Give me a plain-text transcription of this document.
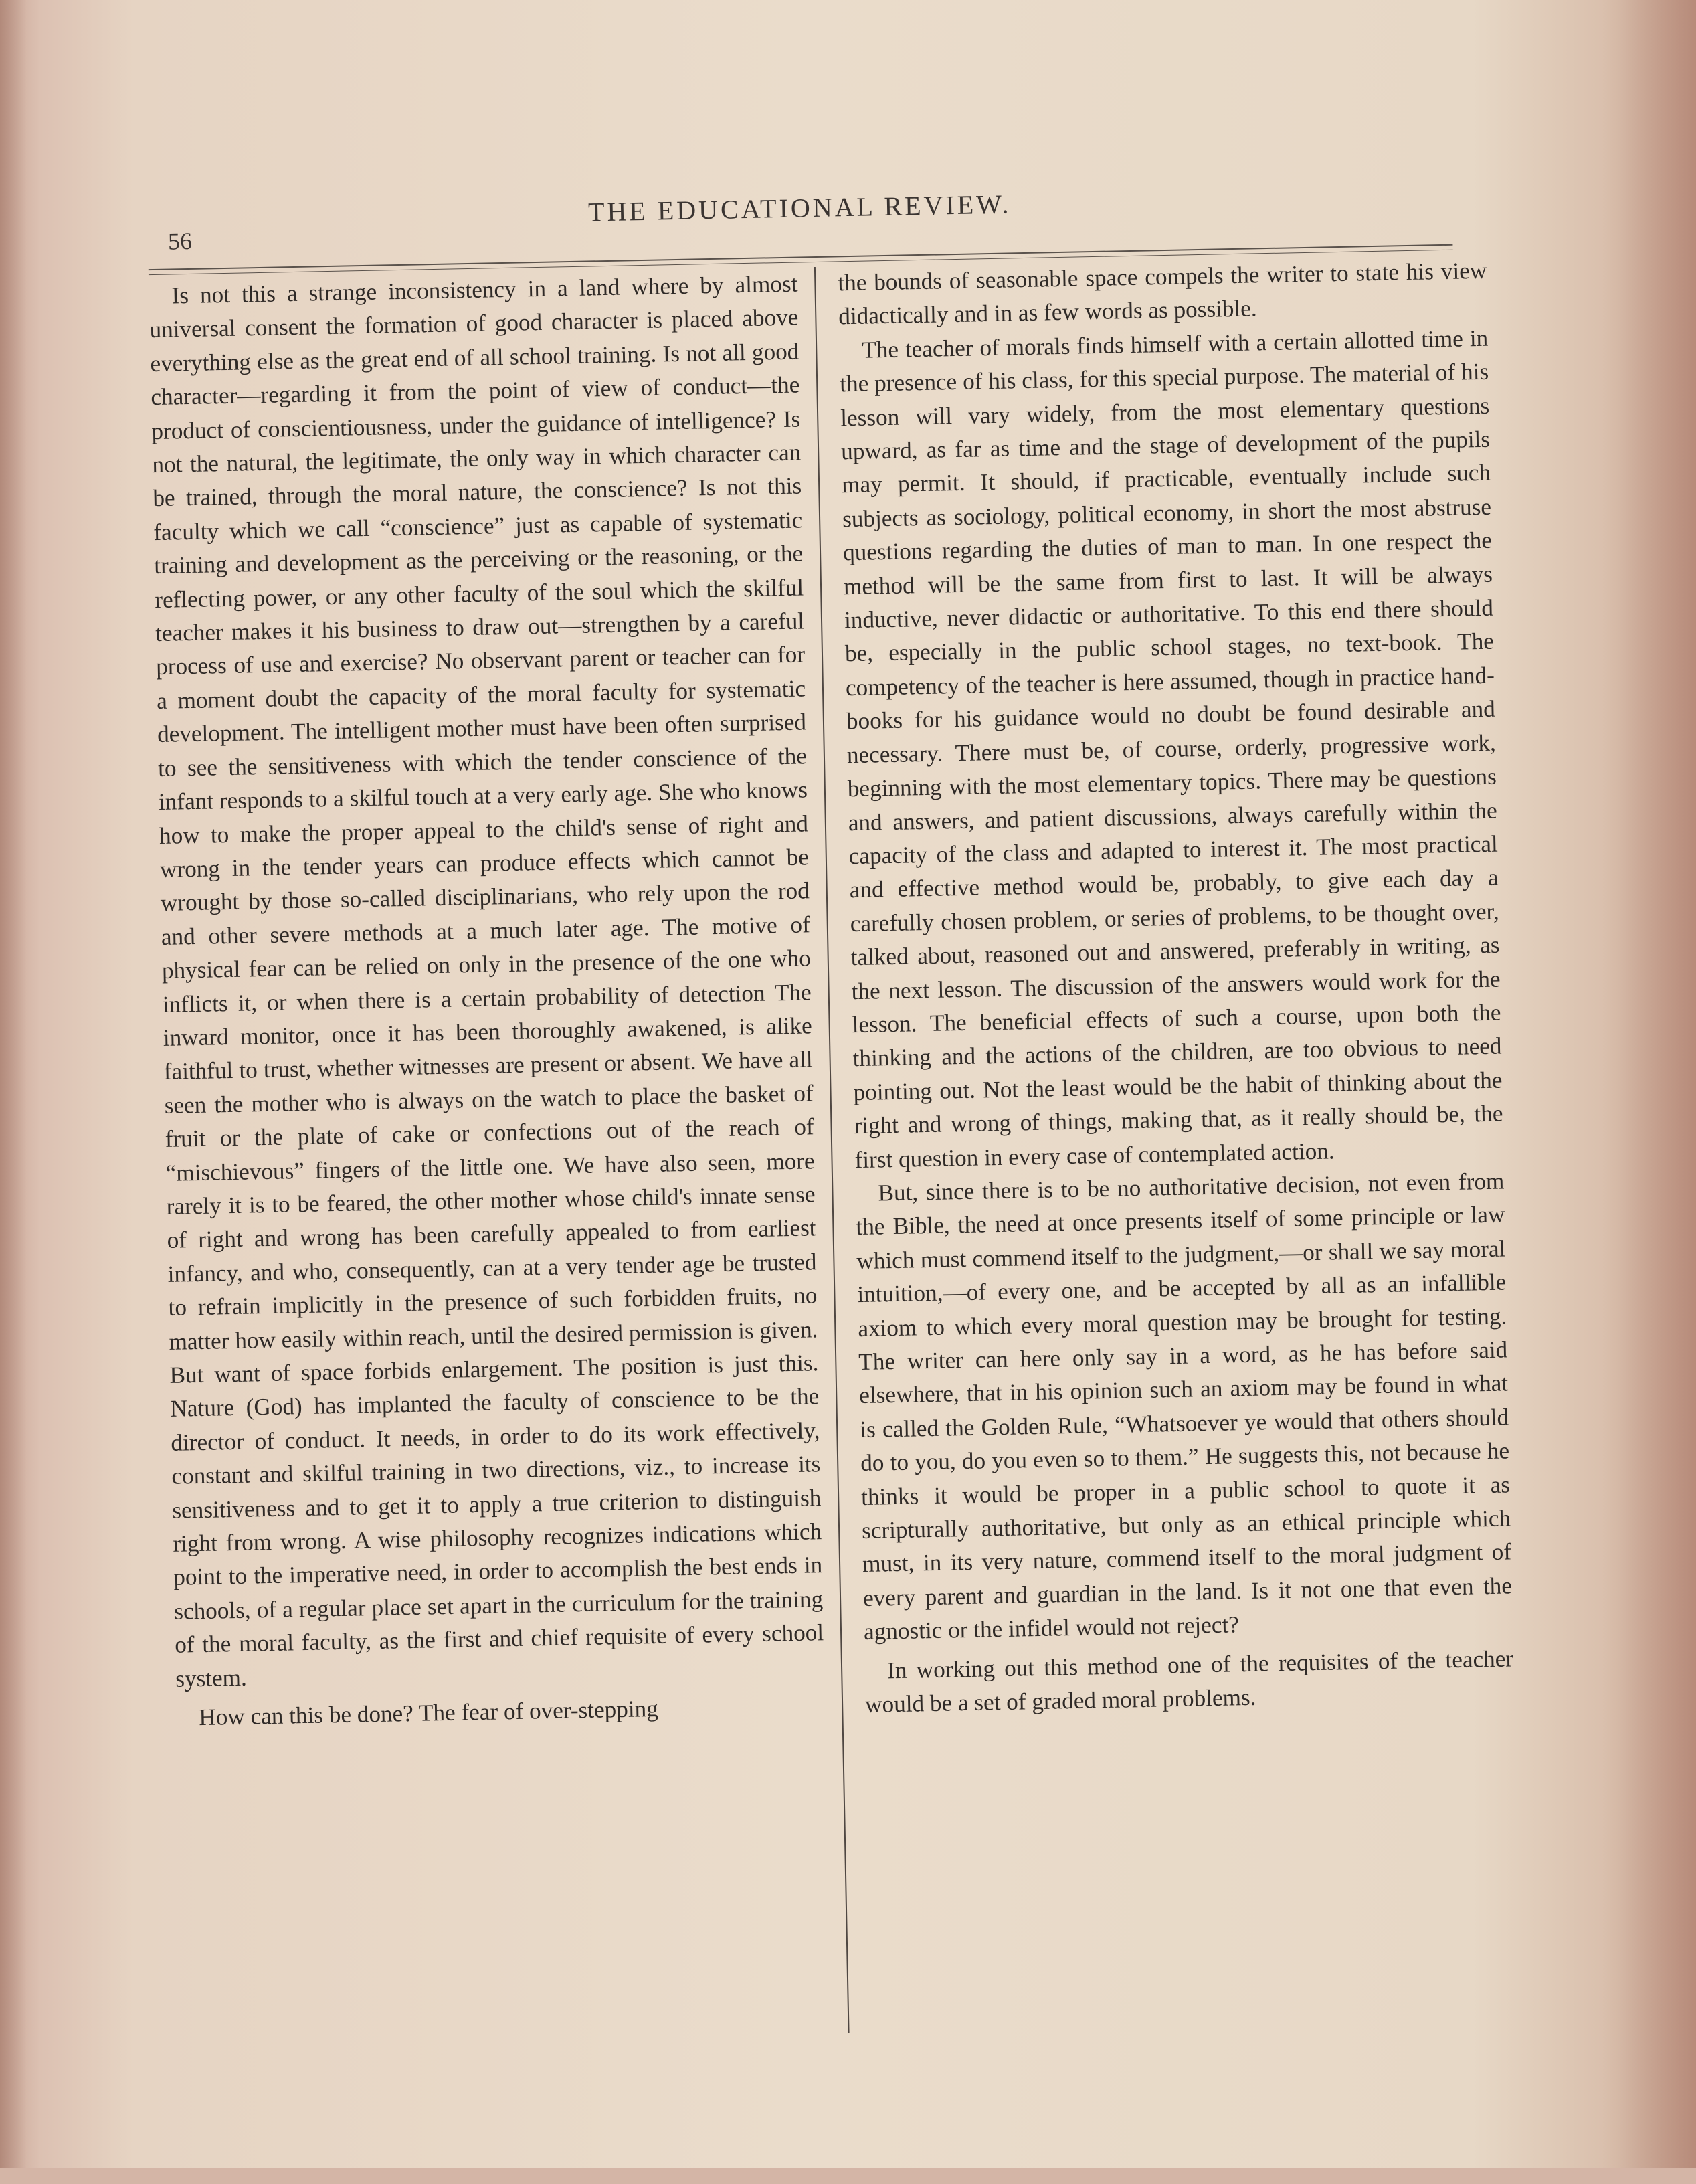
56
THE EDUCATIONAL REVIEW.

Is not this a strange inconsistency in a land where by almost universal consent the formation of good character is placed above everything else as the great end of all school training. Is not all good character—regarding it from the point of view of conduct—the product of conscientiousness, under the guidance of intelligence? Is not the natural, the legitimate, the only way in which character can be trained, through the moral nature, the conscience? Is not this faculty which we call “conscience” just as capable of systematic training and development as the perceiving or the reasoning, or the reflecting power, or any other faculty of the soul which the skilful teacher makes it his business to draw out—strengthen by a careful process of use and exercise? No observant parent or teacher can for a moment doubt the capacity of the moral faculty for systematic development. The intelligent mother must have been often surprised to see the sensitiveness with which the tender conscience of the infant responds to a skilful touch at a very early age. She who knows how to make the proper appeal to the child's sense of right and wrong in the tender years can produce effects which cannot be wrought by those so-called disciplinarians, who rely upon the rod and other severe methods at a much later age. The motive of physical fear can be relied on only in the presence of the one who inflicts it, or when there is a certain probability of detection The inward monitor, once it has been thoroughly awakened, is alike faithful to trust, whether witnesses are present or absent. We have all seen the mother who is always on the watch to place the basket of fruit or the plate of cake or confections out of the reach of “mischievous” fingers of the little one. We have also seen, more rarely it is to be feared, the other mother whose child's innate sense of right and wrong has been carefully appealed to from earliest infancy, and who, consequently, can at a very tender age be trusted to refrain implicitly in the presence of such forbidden fruits, no matter how easily within reach, until the desired permission is given. But want of space forbids enlargement. The position is just this. Nature (God) has implanted the faculty of conscience to be the director of conduct. It needs, in order to do its work effectively, constant and skilful training in two directions, viz., to increase its sensitiveness and to get it to apply a true criterion to distinguish right from wrong. A wise philosophy recognizes indications which point to the imperative need, in order to accomplish the best ends in schools, of a regular place set apart in the curriculum for the training of the moral faculty, as the first and chief requisite of every school system.

How can this be done? The fear of over-stepping

the bounds of seasonable space compels the writer to state his view didactically and in as few words as possible.

The teacher of morals finds himself with a certain allotted time in the presence of his class, for this special purpose. The material of his lesson will vary widely, from the most elementary questions upward, as far as time and the stage of development of the pupils may permit. It should, if practicable, eventually include such subjects as sociology, political economy, in short the most abstruse questions regarding the duties of man to man. In one respect the method will be the same from first to last. It will be always inductive, never didactic or authoritative. To this end there should be, especially in the public school stages, no text-book. The competency of the teacher is here assumed, though in practice hand-books for his guidance would no doubt be found desirable and necessary. There must be, of course, orderly, progressive work, beginning with the most elementary topics. There may be questions and answers, and patient discussions, always carefully within the capacity of the class and adapted to interest it. The most practical and effective method would be, probably, to give each day a carefully chosen problem, or series of problems, to be thought over, talked about, reasoned out and answered, preferably in writing, as the next lesson. The discussion of the answers would work for the lesson. The beneficial effects of such a course, upon both the thinking and the actions of the children, are too obvious to need pointing out. Not the least would be the habit of thinking about the right and wrong of things, making that, as it really should be, the first question in every case of contemplated action.

But, since there is to be no authoritative decision, not even from the Bible, the need at once presents itself of some principle or law which must commend itself to the judgment,—or shall we say moral intuition,—of every one, and be accepted by all as an infallible axiom to which every moral question may be brought for testing. The writer can here only say in a word, as he has before said elsewhere, that in his opinion such an axiom may be found in what is called the Golden Rule, “Whatsoever ye would that others should do to you, do you even so to them.” He suggests this, not because he thinks it would be proper in a public school to quote it as scripturally authoritative, but only as an ethical principle which must, in its very nature, commend itself to the moral judgment of every parent and guardian in the land. Is it not one that even the agnostic or the infidel would not reject?

In working out this method one of the requisites of the teacher would be a set of graded moral problems.
